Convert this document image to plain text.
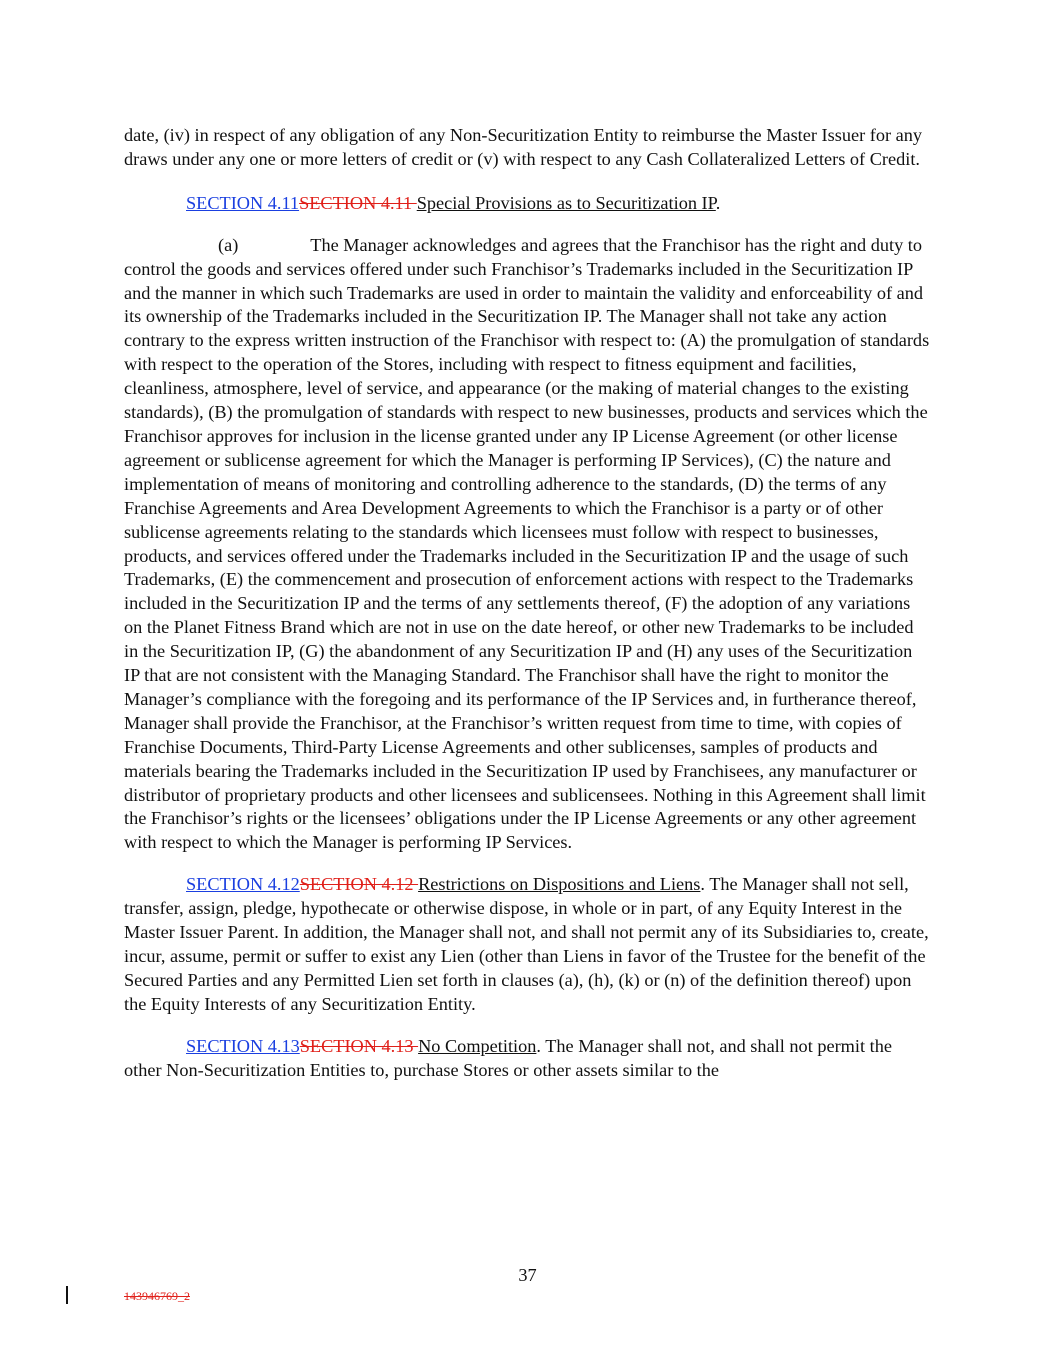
date, (iv) in respect of any obligation of any Non-Securitization Entity to reimburse the Master Issuer for any draws under any one or more letters of credit or (v) with respect to any Cash Collateralized Letters of Credit.

SECTION 4.11SECTION 4.11 Special Provisions as to Securitization IP.

(a)	The Manager acknowledges and agrees that the Franchisor has the right and duty to control the goods and services offered under such Franchisor’s Trademarks included in the Securitization IP and the manner in which such Trademarks are used in order to maintain the validity and enforceability of and its ownership of the Trademarks included in the Securitization IP. The Manager shall not take any action contrary to the express written instruction of the Franchisor with respect to: (A) the promulgation of standards with respect to the operation of the Stores, including with respect to fitness equipment and facilities, cleanliness, atmosphere, level of service, and appearance (or the making of material changes to the existing standards), (B) the promulgation of standards with respect to new businesses, products and services which the Franchisor approves for inclusion in the license granted under any IP License Agreement (or other license agreement or sublicense agreement for which the Manager is performing IP Services), (C) the nature and implementation of means of monitoring and controlling adherence to the standards, (D) the terms of any Franchise Agreements and Area Development Agreements to which the Franchisor is a party or of other sublicense agreements relating to the standards which licensees must follow with respect to businesses, products, and services offered under the Trademarks included in the Securitization IP and the usage of such Trademarks, (E) the commencement and prosecution of enforcement actions with respect to the Trademarks included in the Securitization IP and the terms of any settlements thereof, (F) the adoption of any variations on the Planet Fitness Brand which are not in use on the date hereof, or other new Trademarks to be included in the Securitization IP, (G) the abandonment of any Securitization IP and (H) any uses of the Securitization IP that are not consistent with the Managing Standard. The Franchisor shall have the right to monitor the Manager’s compliance with the foregoing and its performance of the IP Services and, in furtherance thereof, Manager shall provide the Franchisor, at the Franchisor’s written request from time to time, with copies of Franchise Documents, Third-Party License Agreements and other sublicenses, samples of products and materials bearing the Trademarks included in the Securitization IP used by Franchisees, any manufacturer or distributor of proprietary products and other licensees and sublicensees. Nothing in this Agreement shall limit the Franchisor’s rights or the licensees’ obligations under the IP License Agreements or any other agreement with respect to which the Manager is performing IP Services.

SECTION 4.12SECTION 4.12 Restrictions on Dispositions and Liens. The Manager shall not sell, transfer, assign, pledge, hypothecate or otherwise dispose, in whole or in part, of any Equity Interest in the Master Issuer Parent. In addition, the Manager shall not, and shall not permit any of its Subsidiaries to, create, incur, assume, permit or suffer to exist any Lien (other than Liens in favor of the Trustee for the benefit of the Secured Parties and any Permitted Lien set forth in clauses (a), (h), (k) or (n) of the definition thereof) upon the Equity Interests of any Securitization Entity.

SECTION 4.13SECTION 4.13 No Competition. The Manager shall not, and shall not permit the other Non-Securitization Entities to, purchase Stores or other assets similar to the

37
143946769_2
